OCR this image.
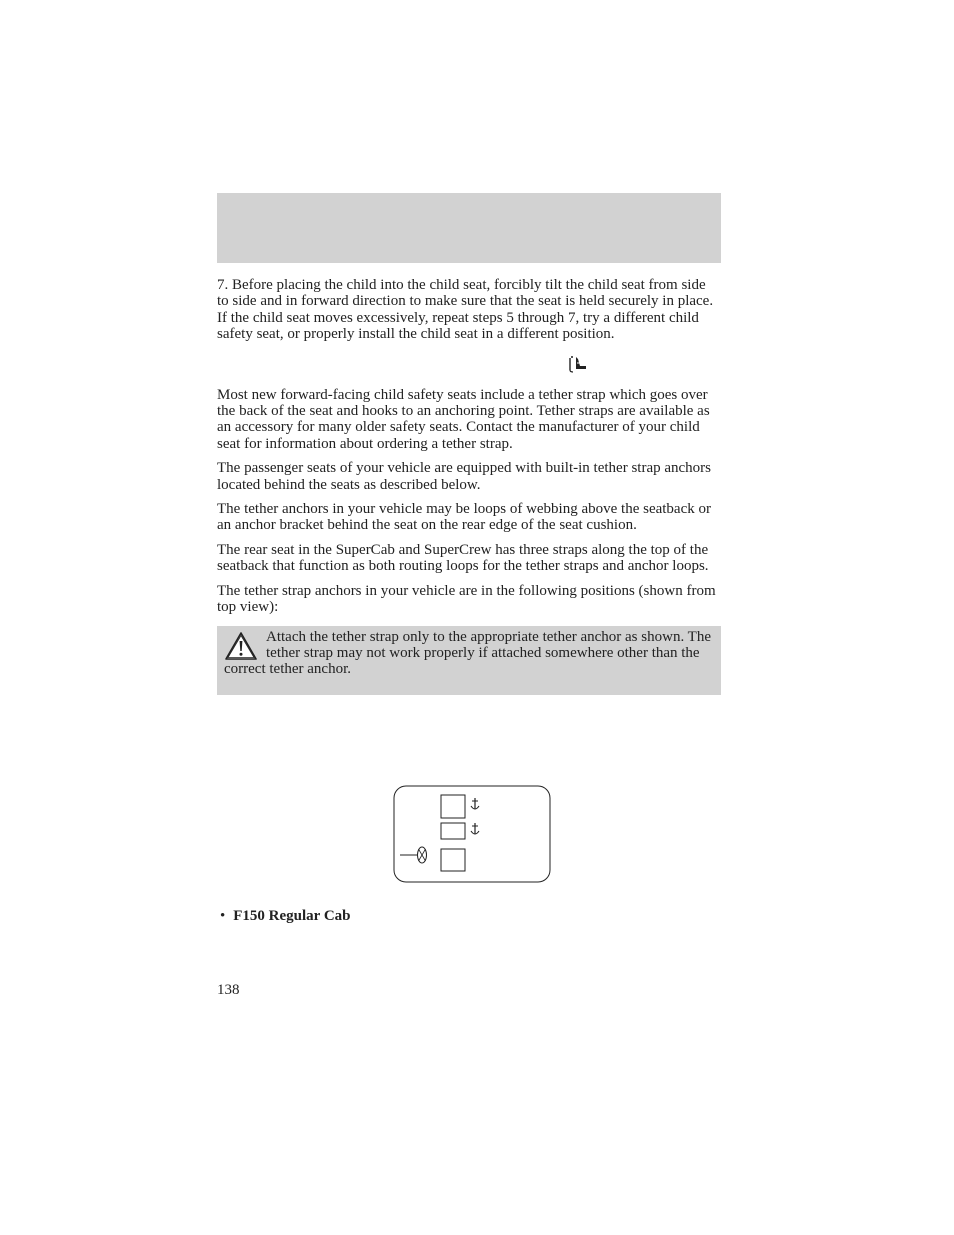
7. Before placing the child into the child seat, forcibly tilt the child seat from side to side and in forward direction to make sure that the seat is held securely in place. If the child seat moves excessively, repeat steps 5 through 7, try a different child safety seat, or properly install the child seat in a different position.

Most new forward-facing child safety seats include a tether strap which goes over the back of the seat and hooks to an anchoring point. Tether straps are available as an accessory for many older safety seats. Contact the manufacturer of your child seat for information about ordering a tether strap.

The passenger seats of your vehicle are equipped with built-in tether strap anchors located behind the seats as described below.

The tether anchors in your vehicle may be loops of webbing above the seatback or an anchor bracket behind the seat on the rear edge of the seat cushion.

The rear seat in the SuperCab and SuperCrew has three straps along the top of the seatback that function as both routing loops for the tether straps and anchor loops.

The tether strap anchors in your vehicle are in the following positions (shown from top view):

Attach the tether strap only to the appropriate tether anchor as shown. The tether strap may not work properly if attached somewhere other than the correct tether anchor.

• F150 Regular Cab
138
